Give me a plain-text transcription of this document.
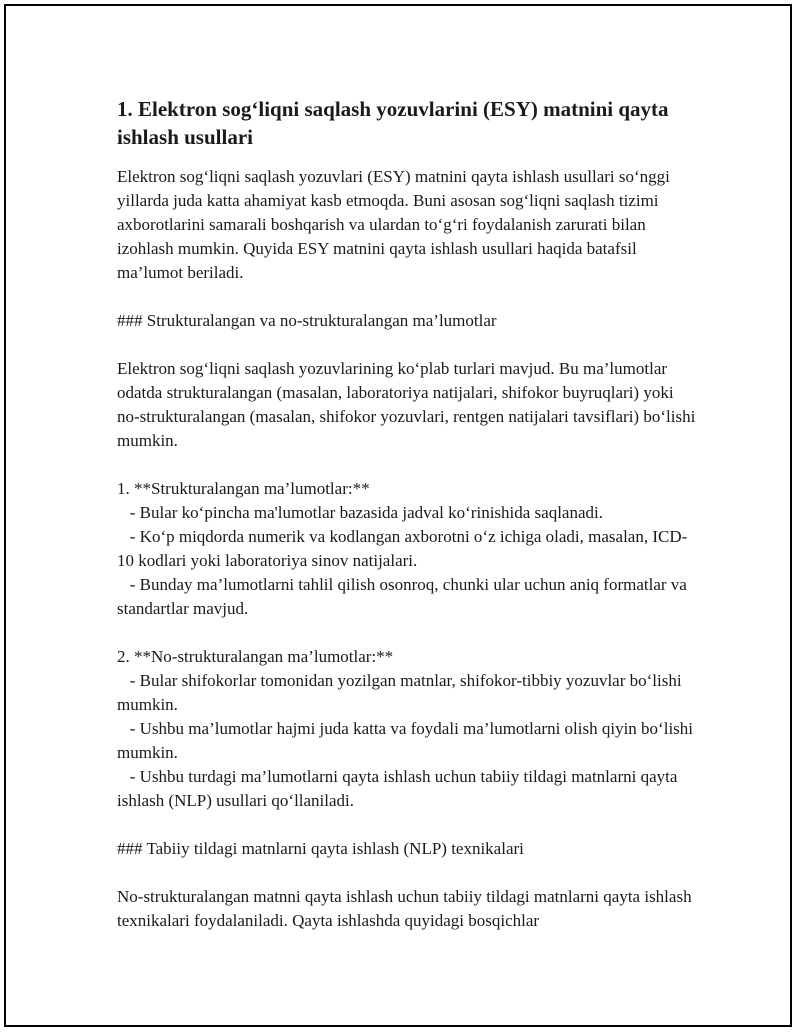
1. Elektron sog‘liqni saqlash yozuvlarini (ESY) matnini qayta ishlash usullari

Elektron sog‘liqni saqlash yozuvlari (ESY) matnini qayta ishlash usullari so‘nggi yillarda juda katta ahamiyat kasb etmoqda. Buni asosan sog‘liqni saqlash tizimi axborotlarini samarali boshqarish va ulardan to‘g‘ri foydalanish zarurati bilan izohlash mumkin. Quyida ESY matnini qayta ishlash usullari haqida batafsil ma’lumot beriladi.

### Strukturalangan va no-strukturalangan ma’lumotlar

Elektron sog‘liqni saqlash yozuvlarining ko‘plab turlari mavjud. Bu ma’lumotlar odatda strukturalangan (masalan, laboratoriya natijalari, shifokor buyruqlari) yoki no-strukturalangan (masalan, shifokor yozuvlari, rentgen natijalari tavsiflari) bo‘lishi mumkin.

1. **Strukturalangan ma’lumotlar:**
- Bular ko‘pincha ma'lumotlar bazasida jadval ko‘rinishida saqlanadi.
- Ko‘p miqdorda numerik va kodlangan axborotni o‘z ichiga oladi, masalan, ICD-10 kodlari yoki laboratoriya sinov natijalari.
- Bunday ma’lumotlarni tahlil qilish osonroq, chunki ular uchun aniq formatlar va standartlar mavjud.

2. **No-strukturalangan ma’lumotlar:**
- Bular shifokorlar tomonidan yozilgan matnlar, shifokor-tibbiy yozuvlar bo‘lishi mumkin.
- Ushbu ma’lumotlar hajmi juda katta va foydali ma’lumotlarni olish qiyin bo‘lishi mumkin.
- Ushbu turdagi ma’lumotlarni qayta ishlash uchun tabiiy tildagi matnlarni qayta ishlash (NLP) usullari qo‘llaniladi.

### Tabiiy tildagi matnlarni qayta ishlash (NLP) texnikalari

No-strukturalangan matnni qayta ishlash uchun tabiiy tildagi matnlarni qayta ishlash texnikalari foydalaniladi. Qayta ishlashda quyidagi bosqichlar
